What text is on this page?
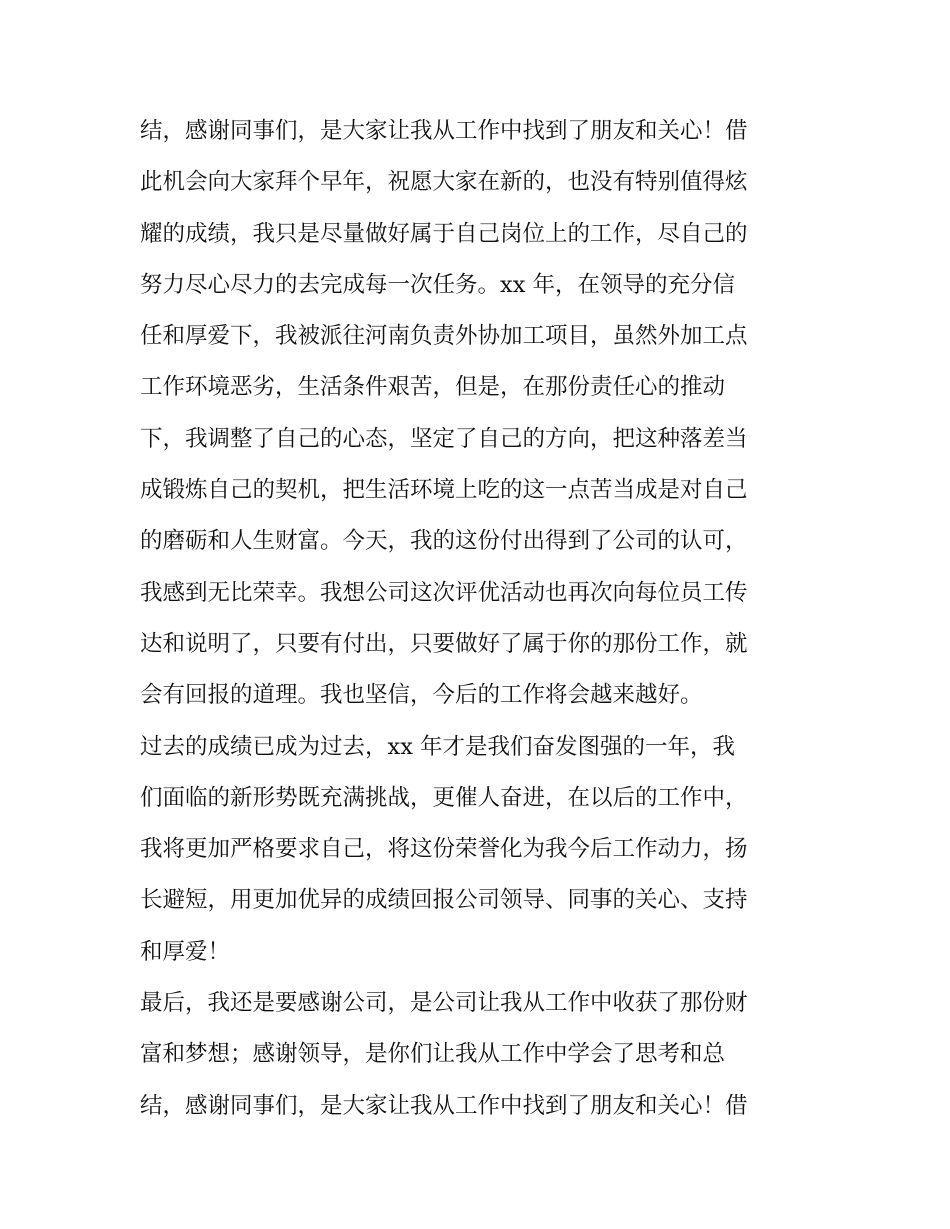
结，感谢同事们，是大家让我从工作中找到了朋友和关心！借
此机会向大家拜个早年，祝愿大家在新的，也没有特别值得炫
耀的成绩，我只是尽量做好属于自己岗位上的工作，尽自己的
努力尽心尽力的去完成每一次任务。xx 年，在领导的充分信
任和厚爱下，我被派往河南负责外协加工项目，虽然外加工点
工作环境恶劣，生活条件艰苦，但是，在那份责任心的推动
下，我调整了自己的心态，坚定了自己的方向，把这种落差当
成锻炼自己的契机，把生活环境上吃的这一点苦当成是对自己
的磨砺和人生财富。今天，我的这份付出得到了公司的认可，
我感到无比荣幸。我想公司这次评优活动也再次向每位员工传
达和说明了，只要有付出，只要做好了属于你的那份工作，就
会有回报的道理。我也坚信，今后的工作将会越来越好。
过去的成绩已成为过去，xx 年才是我们奋发图强的一年，我
们面临的新形势既充满挑战，更催人奋进，在以后的工作中，
我将更加严格要求自己，将这份荣誉化为我今后工作动力，扬
长避短，用更加优异的成绩回报公司领导、同事的关心、支持
和厚爱！
最后，我还是要感谢公司，是公司让我从工作中收获了那份财
富和梦想；感谢领导，是你们让我从工作中学会了思考和总
结，感谢同事们，是大家让我从工作中找到了朋友和关心！借
